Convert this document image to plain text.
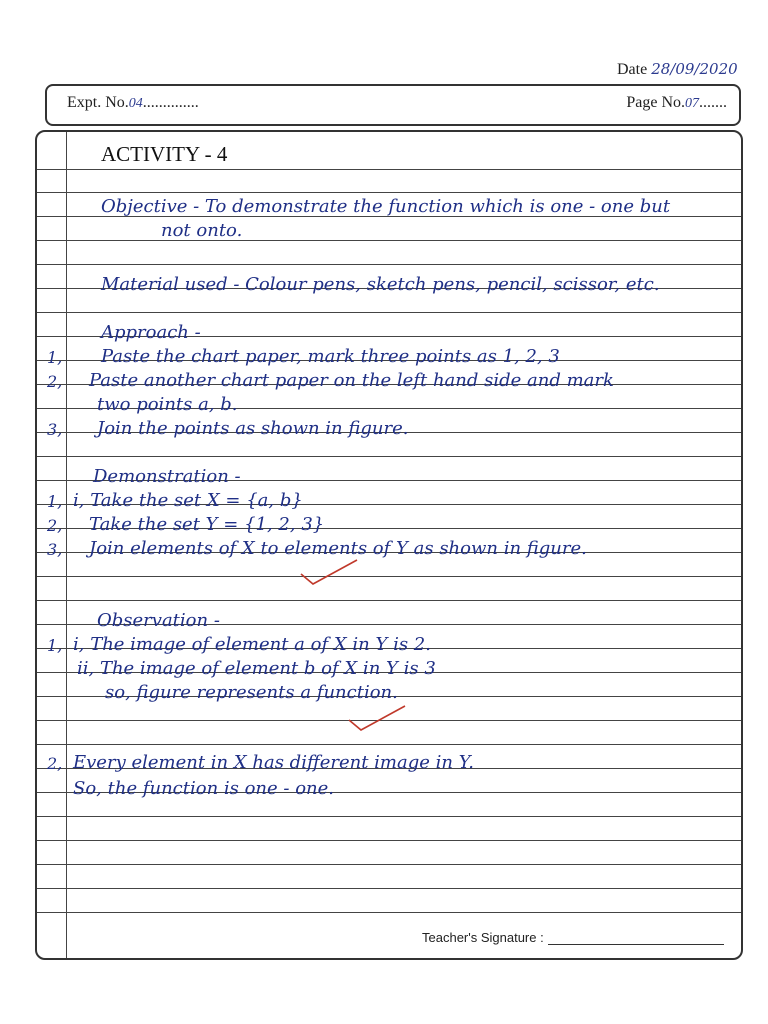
Date 28/09/2020
Expt. No.04..............	Page No.07.......
ACTIVITY - 4
Objective - To demonstrate the function which is one - one but
not onto.
Material used - Colour pens, sketch pens, pencil, scissor, etc.
Approach -
1, Paste the chart paper, mark three points as 1, 2, 3
2, Paste another chart paper on the left hand side and mark
two points a, b.
3, Join the points as shown in figure.
Demonstration -
1, i, Take the set X = {a, b}
2, Take the set Y = {1, 2, 3}
3, Join elements of X to elements of Y as shown in figure.
Observation -
1, i, The image of element a of X in Y is 2.
ii, The image of element b of X in Y is 3
so, figure represents a function.
2, Every element in X has different image in Y.
So, the function is one - one.
Teacher's Signature :
